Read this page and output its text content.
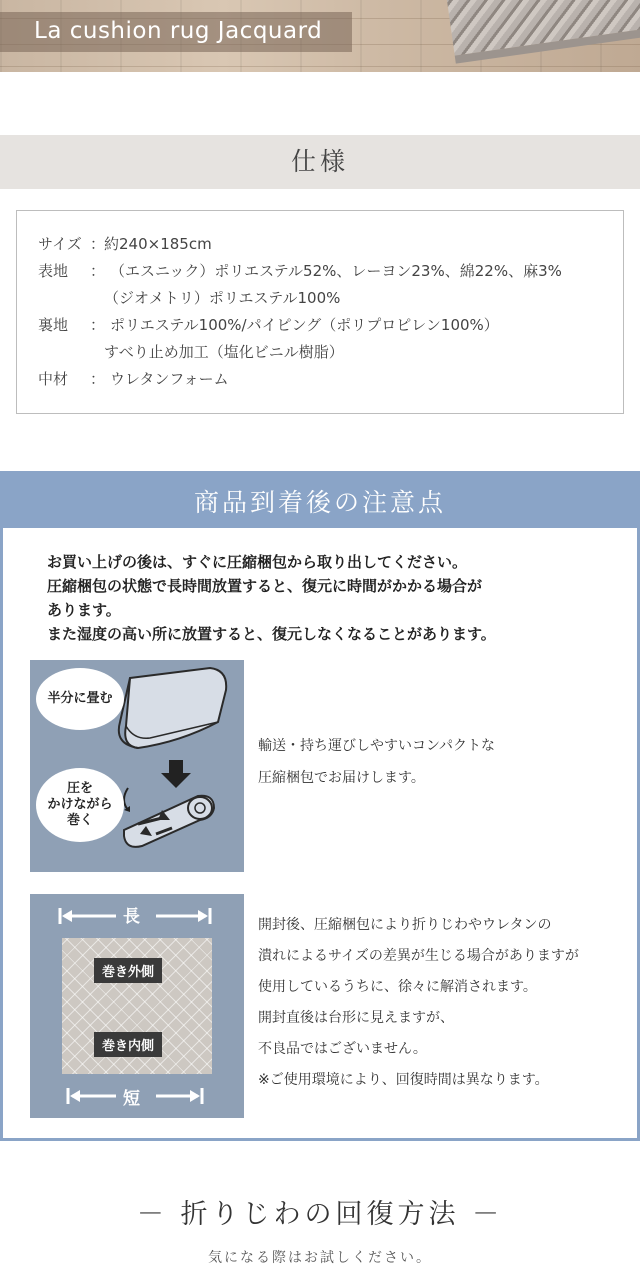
La cushion rug Jacquard
仕様
サイズ ：
約240×185cm
表地	： （エスニック）ポリエステル52%、レーヨン23%、綿22%、麻3%
（ジオメトリ）ポリエステル100%
裏地	： ポリエステル100%/パイピング（ポリプロピレン100%）
すべり止め加工（塩化ビニル樹脂）
中材	： ウレタンフォーム
商品到着後の注意点
お買い上げの後は、すぐに圧縮梱包から取り出してください。
圧縮梱包の状態で長時間放置すると、復元に時間がかかる場合が
あります。
また湿度の高い所に放置すると、復元しなくなることがあります。
半分に畳む
圧を
かけながら
巻く
輸送・持ち運びしやすいコンパクトな
圧縮梱包でお届けします。
長
短
巻き外側
巻き内側
開封後、圧縮梱包により折りじわやウレタンの
潰れによるサイズの差異が生じる場合がありますが
使用しているうちに、徐々に解消されます。
開封直後は台形に見えますが、
不良品ではございません。
※ご使用環境により、回復時間は異なります。
－ 折りじわの回復方法 －
気になる際はお試しください。
